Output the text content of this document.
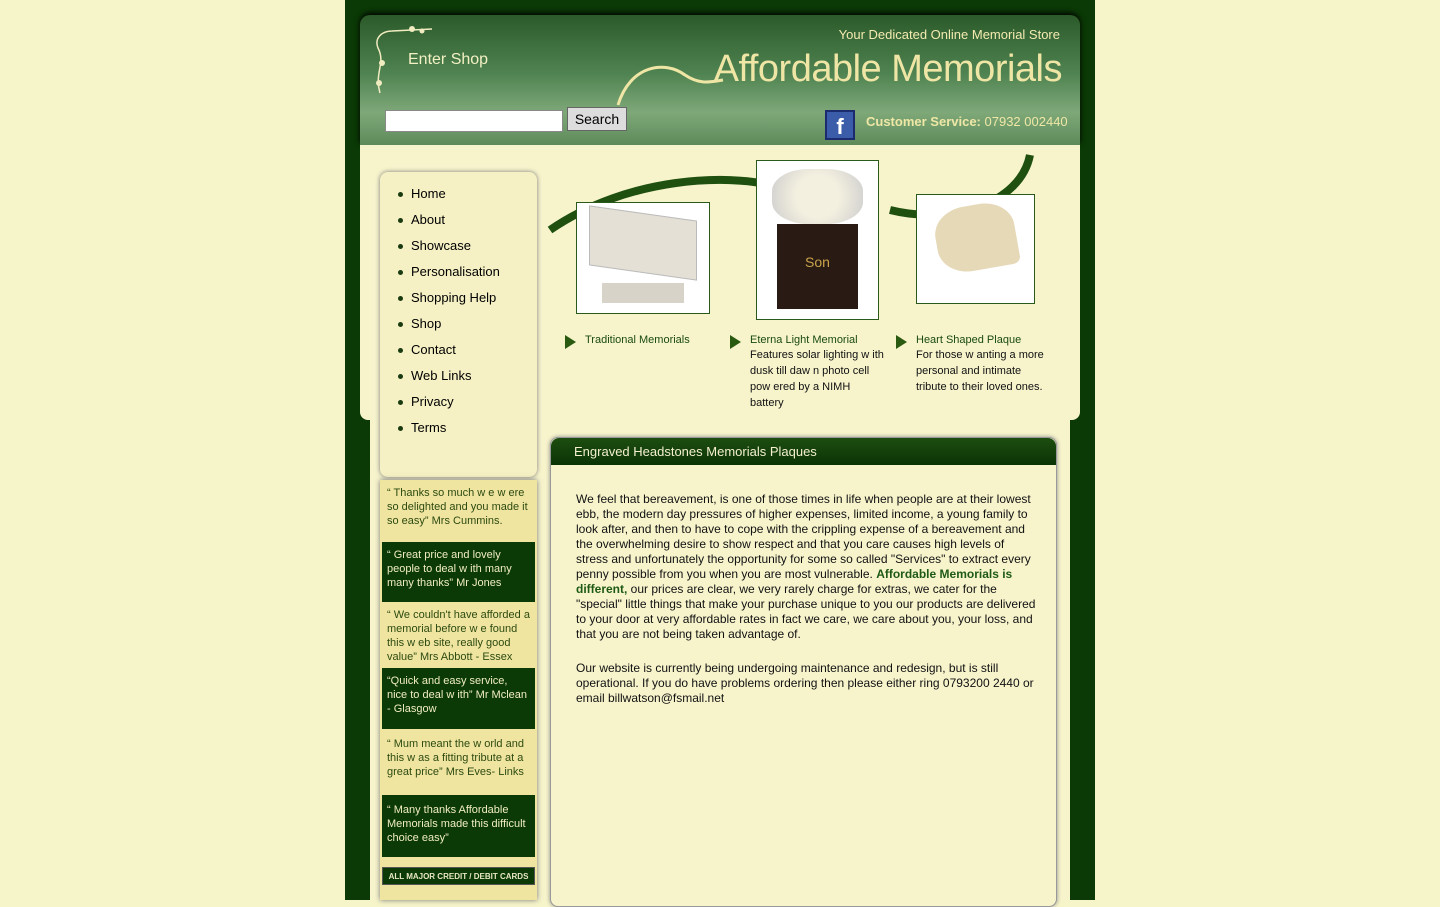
Enter Shop
Your Dedicated Online Memorial Store
Affordable Memorials
Search	f	Customer Service: 07932 002440
Son
Traditional Memorials	Eterna Light Memorial
Features solar lighting w ith dusk till daw n photo cell pow ered by a NIMH battery
Heart Shaped Plaque
For those w anting a more personal and intimate tribute to their loved ones.
Home
About
Showcase
Personalisation
Shopping Help
Shop
Contact
Web Links
Privacy
Terms
“ Thanks so much w e w ere so delighted and you made it so easy” Mrs Cummins.
“ Great price and lovely people to deal w ith many many thanks” Mr Jones
“ We couldn't have afforded a memorial before w e found this w eb site, really good value” Mrs Abbott - Essex
“Quick and easy service, nice to deal w ith” Mr Mclean - Glasgow
“ Mum meant the w orld and this w as a fitting tribute at a great price” Mrs Eves- Links
“ Many thanks Affordable Memorials made this difficult choice easy”
ALL MAJOR CREDIT / DEBIT CARDS
Engraved Headstones Memorials Plaques

We feel that bereavement, is one of those times in life when people are at their lowest ebb, the modern day pressures of higher expenses, limited income, a young family to look after, and then to have to cope with the crippling expense of a bereavement and the overwhelming desire to show respect and that you care causes high levels of stress and unfortunately the opportunity for some so called "Services" to extract every penny possible from you when you are most vulnerable. Affordable Memorials is different, our prices are clear, we very rarely charge for extras, we cater for the "special" little things that make your purchase unique to you our products are delivered to your door at very affordable rates in fact we care, we care about you, your loss, and that you are not being taken advantage of.

Our website is currently being undergoing maintenance and redesign, but is still operational. If you do have problems ordering then please either ring 0793200 2440 or email billwatson@fsmail.net
